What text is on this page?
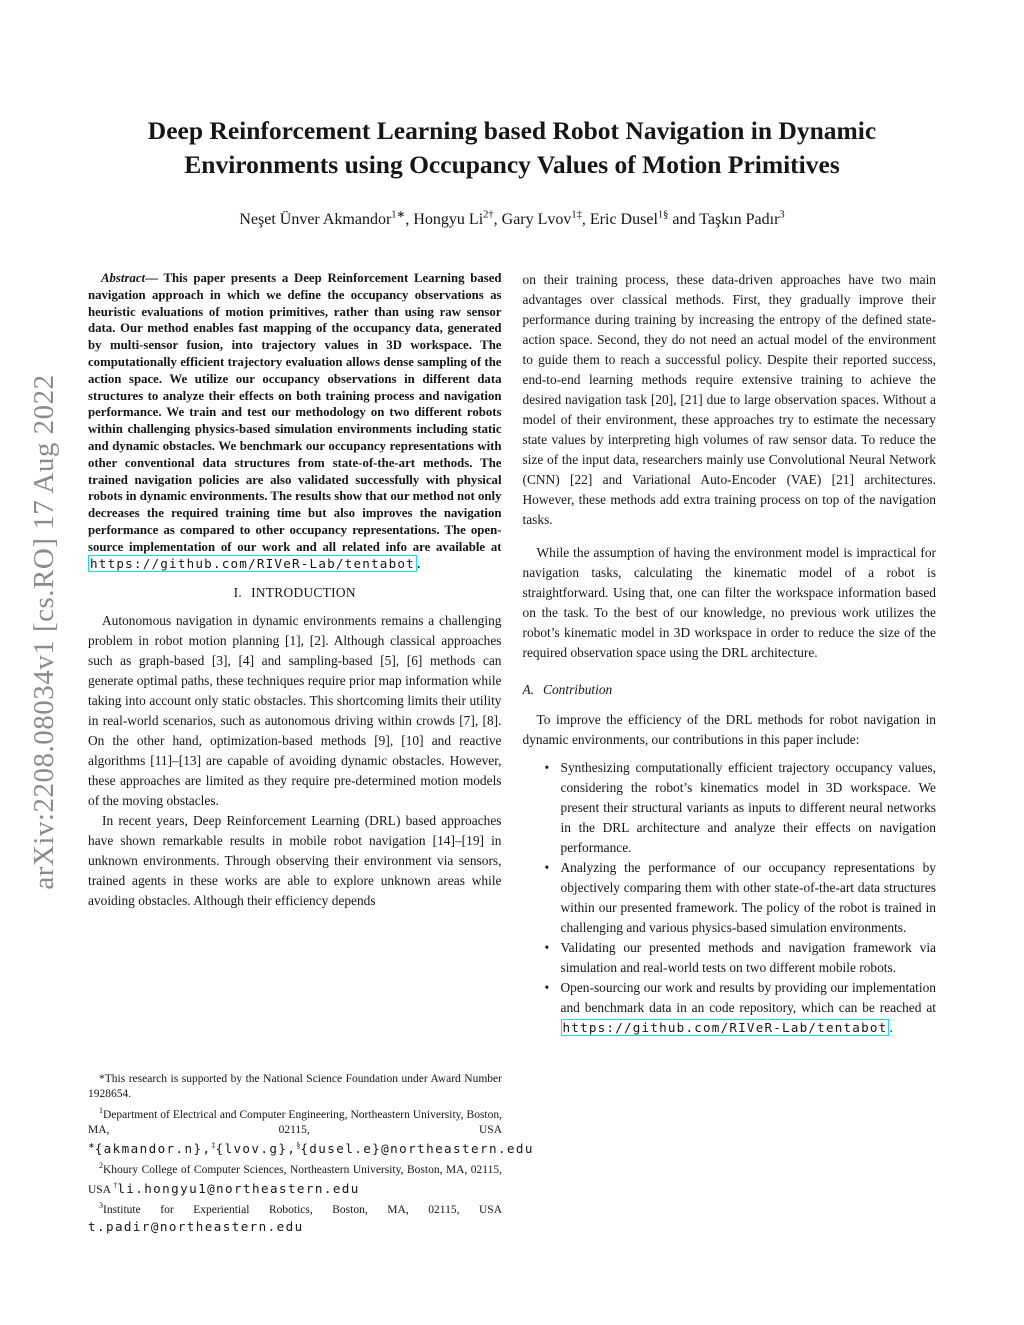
arXiv:2208.08034v1 [cs.RO] 17 Aug 2022
Deep Reinforcement Learning based Robot Navigation in Dynamic Environments using Occupancy Values of Motion Primitives
Neşet Ünver Akmandor$^{1∗}$, Hongyu $Li^{2\dagger}$, Gary Lvov$^{1\ddagger}$, Eric Dusel$^{1\S}$ and Taşkın Padır$^3$

Abstract— This paper presents a Deep Reinforcement Learning based navigation approach in which we define the occupancy observations as heuristic evaluations of motion primitives, rather than using raw sensor data. Our method enables fast mapping of the occupancy data, generated by multi-sensor fusion, into trajectory values in 3D workspace. The computationally efficient trajectory evaluation allows dense sampling of the action space. We utilize our occupancy observations in different data structures to analyze their effects on both training process and navigation performance. We train and test our methodology on two different robots within challenging physics-based simulation environments including static and dynamic obstacles. We benchmark our occupancy representations with other conventional data structures from state-of-the-art methods. The trained navigation policies are also validated successfully with physical robots in dynamic environments. The results show that our method not only decreases the required training time but also improves the navigation performance as compared to other occupancy representations. The open-source implementation of our work and all related info are available at https://github.com/RIVeR-Lab/tentabot .

I. INTRODUCTION

Autonomous navigation in dynamic environments remains a challenging problem in robot motion planning [1], [2]. Although classical approaches such as graph-based [3], [4] and sampling-based [5], [6] methods can generate optimal paths, these techniques require prior map information while taking into account only static obstacles. This shortcoming limits their utility in real-world scenarios, such as autonomous driving within crowds [7], [8]. On the other hand, optimization-based methods [9], [10] and reactive algorithms [11]–[13] are capable of avoiding dynamic obstacles. However, these approaches are limited as they require pre-determined motion models of the moving obstacles.

In recent years, Deep Reinforcement Learning (DRL) based approaches have shown remarkable results in mobile robot navigation [14]–[19] in unknown environments. Through observing their environment via sensors, trained agents in these works are able to explore unknown areas while avoiding obstacles. Although their efficiency depends

on their training process, these data-driven approaches have two main advantages over classical methods. First, they gradually improve their performance during training by increasing the entropy of the defined state-action space. Second, they do not need an actual model of the environment to guide them to reach a successful policy. Despite their reported success, end-to-end learning methods require extensive training to achieve the desired navigation task [20], [21] due to large observation spaces. Without a model of their environment, these approaches try to estimate the necessary state values by interpreting high volumes of raw sensor data. To reduce the size of the input data, researchers mainly use Convolutional Neural Network (CNN) [22] and Variational Auto-Encoder (VAE) [21] architectures. However, these methods add extra training process on top of the navigation tasks.

While the assumption of having the environment model is impractical for navigation tasks, calculating the kinematic model of a robot is straightforward. Using that, one can filter the workspace information based on the task. To the best of our knowledge, no previous work utilizes the robot’s kinematic model in 3D workspace in order to reduce the size of the required observation space using the DRL architecture.

A. Contribution

To improve the efficiency of the DRL methods for robot navigation in dynamic environments, our contributions in this paper include:

• Synthesizing computationally efficient trajectory occupancy values, considering the robot’s kinematics model in 3D workspace. We present their structural variants as inputs to different neural networks in the DRL architecture and analyze their effects on navigation performance.
• Analyzing the performance of our occupancy representations by objectively comparing them with other state-of-the-art data structures within our presented framework. The policy of the robot is trained in challenging and various physics-based simulation environments.
• Validating our presented methods and navigation framework via simulation and real-world tests on two different mobile robots.
• Open-sourcing our work and results by providing our implementation and benchmark data in an code repository, which can be reached at https://github.com/RIVeR-Lab/tentabot .

*This research is supported by the National Science Foundation under Award Number 1928654.

$^1$Department of Electrical and Computer Engineering, Northeastern University, Boston, MA, 02115, USA ∗{akmandor.n},‡{lvov.g},§{dusel.e}@northeastern.edu

$^2$Khoury College of Computer Sciences, Northeastern University, Boston, MA, 02115, USA †li.hongyu1@northeastern.edu

$^3$Institute for Experiential Robotics, Boston, MA, 02115, USA t.padir@northeastern.edu
